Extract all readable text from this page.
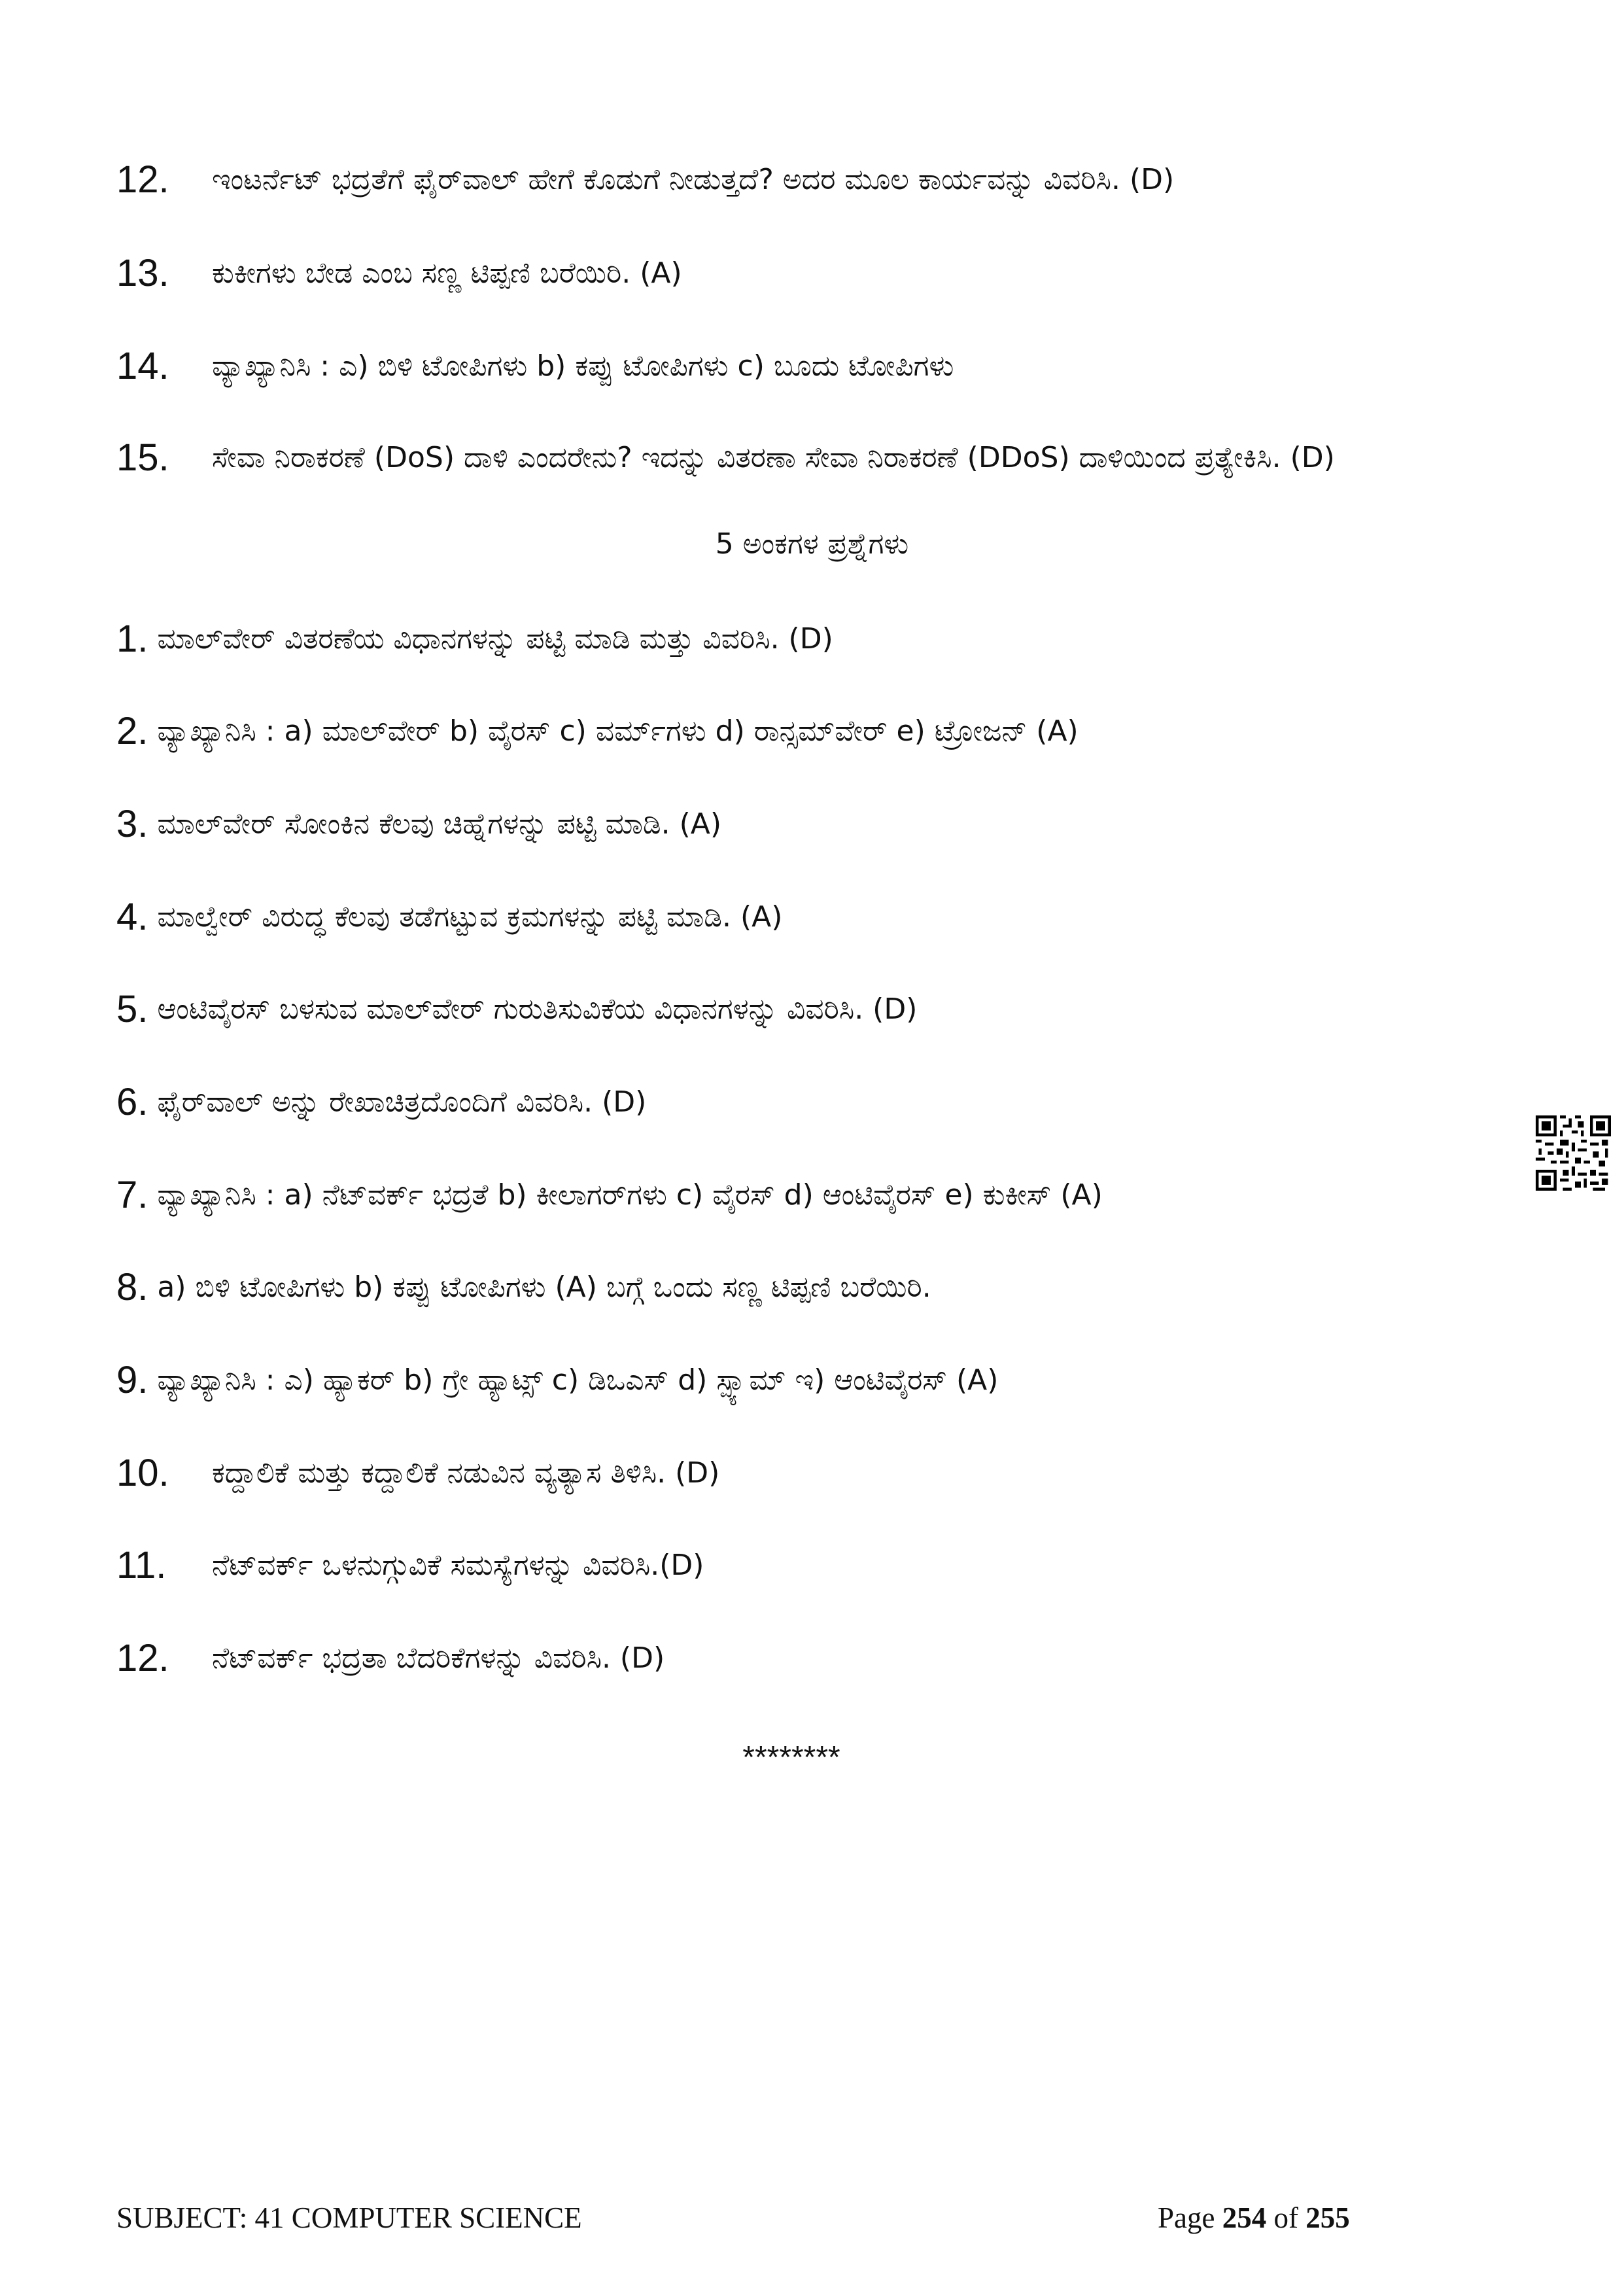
12.	ಇಂಟರ್ನೆಟ್ ಭದ್ರತೆಗೆ ಫೈರ್‌ವಾಲ್ ಹೇಗೆ ಕೊಡುಗೆ ನೀಡುತ್ತದೆ? ಅದರ ಮೂಲ ಕಾರ್ಯವನ್ನು ವಿವರಿಸಿ. (D)
13.	ಕುಕೀಗಳು ಬೇಡ ಎಂಬ ಸಣ್ಣ ಟಿಪ್ಪಣಿ ಬರೆಯಿರಿ. (A)
14.	ವ್ಯಾಖ್ಯಾನಿಸಿ : ಎ) ಬಿಳಿ ಟೋಪಿಗಳು b) ಕಪ್ಪು ಟೋಪಿಗಳು c) ಬೂದು ಟೋಪಿಗಳು
15.	ಸೇವಾ ನಿರಾಕರಣೆ (DoS) ದಾಳಿ ಎಂದರೇನು? ಇದನ್ನು ವಿತರಣಾ ಸೇವಾ ನಿರಾಕರಣೆ (DDoS) ದಾಳಿಯಿಂದ ಪ್ರತ್ಯೇಕಿಸಿ. (D)
5 ಅಂಕಗಳ ಪ್ರಶ್ನೆಗಳು
1. ಮಾಲ್‌ವೇರ್ ವಿತರಣೆಯ ವಿಧಾನಗಳನ್ನು ಪಟ್ಟಿ ಮಾಡಿ ಮತ್ತು ವಿವರಿಸಿ. (D)
2. ವ್ಯಾಖ್ಯಾನಿಸಿ : a) ಮಾಲ್‌ವೇರ್ b) ವೈರಸ್ c) ವರ್ಮ್‌ಗಳು d) ರಾನ್ಸಮ್‌ವೇರ್ e) ಟ್ರೋಜನ್ (A)
3. ಮಾಲ್‌ವೇರ್ ಸೋಂಕಿನ ಕೆಲವು ಚಿಹ್ನೆಗಳನ್ನು ಪಟ್ಟಿ ಮಾಡಿ. (A)
4. ಮಾಲ್ವೇರ್ ವಿರುದ್ಧ ಕೆಲವು ತಡೆಗಟ್ಟುವ ಕ್ರಮಗಳನ್ನು ಪಟ್ಟಿ ಮಾಡಿ. (A)
5. ಆಂಟಿವೈರಸ್ ಬಳಸುವ ಮಾಲ್‌ವೇರ್ ಗುರುತಿಸುವಿಕೆಯ ವಿಧಾನಗಳನ್ನು ವಿವರಿಸಿ. (D)
6. ಫೈರ್‌ವಾಲ್ ಅನ್ನು ರೇಖಾಚಿತ್ರದೊಂದಿಗೆ ವಿವರಿಸಿ. (D)
7. ವ್ಯಾಖ್ಯಾನಿಸಿ : a) ನೆಟ್‌ವರ್ಕ್ ಭದ್ರತೆ b) ಕೀಲಾಗರ್‌ಗಳು c) ವೈರಸ್ d) ಆಂಟಿವೈರಸ್ e) ಕುಕೀಸ್ (A)
8. a) ಬಿಳಿ ಟೋಪಿಗಳು b) ಕಪ್ಪು ಟೋಪಿಗಳು (A) ಬಗ್ಗೆ ಒಂದು ಸಣ್ಣ ಟಿಪ್ಪಣಿ ಬರೆಯಿರಿ.
9. ವ್ಯಾಖ್ಯಾನಿಸಿ : ಎ) ಹ್ಯಾಕರ್ b) ಗ್ರೇ ಹ್ಯಾಟ್ಸ್ c) ಡಿಒಎಸ್ d) ಸ್ಪ್ಯಾಮ್ ಇ) ಆಂಟಿವೈರಸ್ (A)
10.	ಕದ್ದಾಲಿಕೆ ಮತ್ತು ಕದ್ದಾಲಿಕೆ ನಡುವಿನ ವ್ಯತ್ಯಾಸ ತಿಳಿಸಿ. (D)
11.	ನೆಟ್‌ವರ್ಕ್ ಒಳನುಗ್ಗುವಿಕೆ ಸಮಸ್ಯೆಗಳನ್ನು ವಿವರಿಸಿ.(D)
12.	ನೆಟ್‌ವರ್ಕ್ ಭದ್ರತಾ ಬೆದರಿಕೆಗಳನ್ನು ವಿವರಿಸಿ. (D)
********
SUBJECT: 41 COMPUTER SCIENCE	Page 254 of 255
